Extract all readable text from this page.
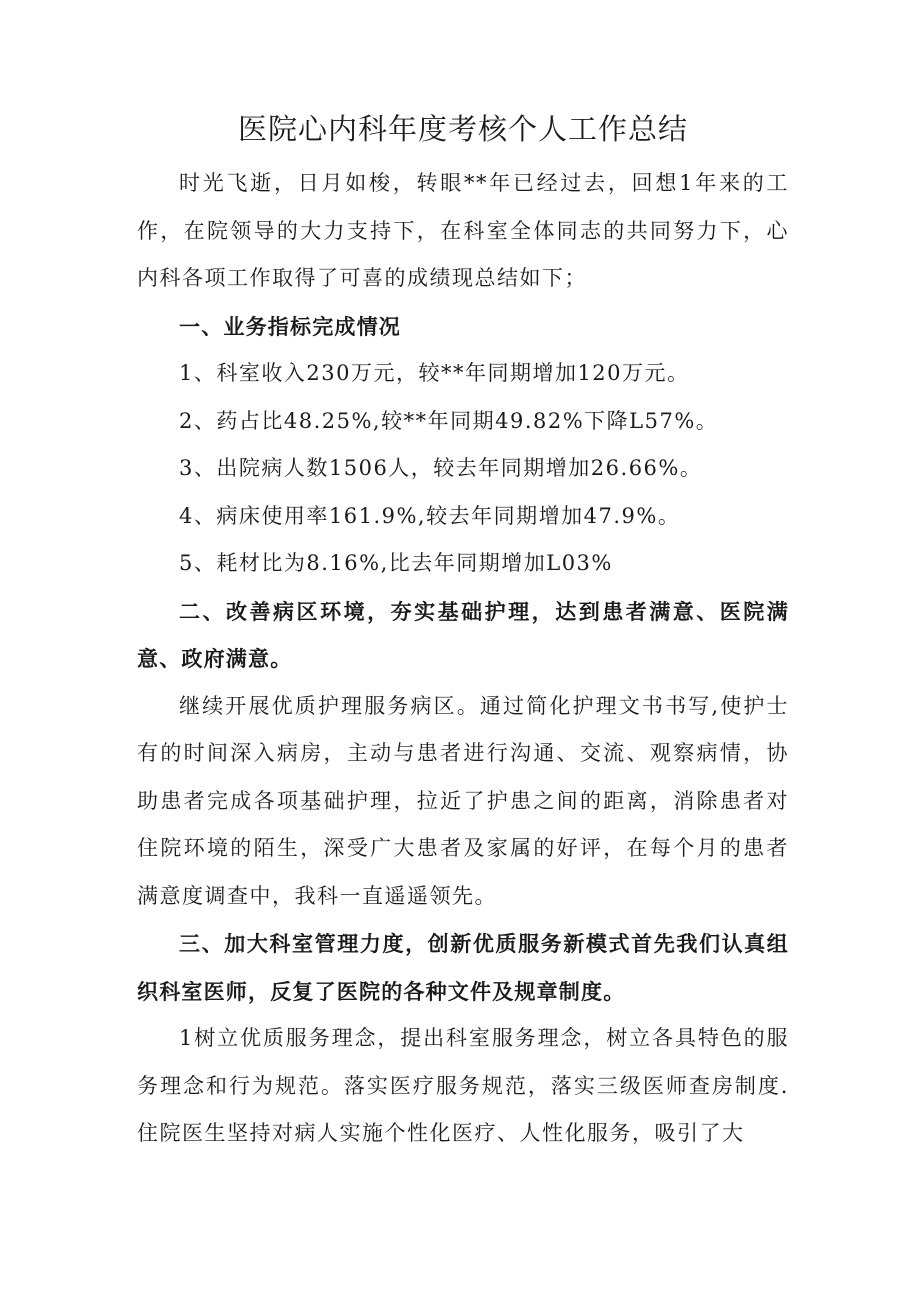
医院心内科年度考核个人工作总结

时光飞逝，日月如梭，转眼**年已经过去，回想1年来的工作，在院领导的大力支持下，在科室全体同志的共同努力下，心内科各项工作取得了可喜的成绩现总结如下；

一、业务指标完成情况

1、科室收入230万元，较**年同期增加120万元。

2、药占比48.25%,较**年同期49.82%下降L57%。

3、出院病人数1506人，较去年同期增加26.66%。

4、病床使用率161.9%,较去年同期增加47.9%。

5、耗材比为8.16%,比去年同期增加L03%

二、改善病区环境，夯实基础护理，达到患者满意、医院满意、政府满意。

继续开展优质护理服务病区。通过简化护理文书书写,使护士有的时间深入病房，主动与患者进行沟通、交流、观察病情，协助患者完成各项基础护理，拉近了护患之间的距离，消除患者对住院环境的陌生，深受广大患者及家属的好评，在每个月的患者满意度调查中，我科一直遥遥领先。

三、加大科室管理力度，创新优质服务新模式首先我们认真组织科室医师，反复了医院的各种文件及规章制度。

1树立优质服务理念，提出科室服务理念，树立各具特色的服务理念和行为规范。落实医疗服务规范，落实三级医师查房制度.住院医生坚持对病人实施个性化医疗、人性化服务，吸引了大
